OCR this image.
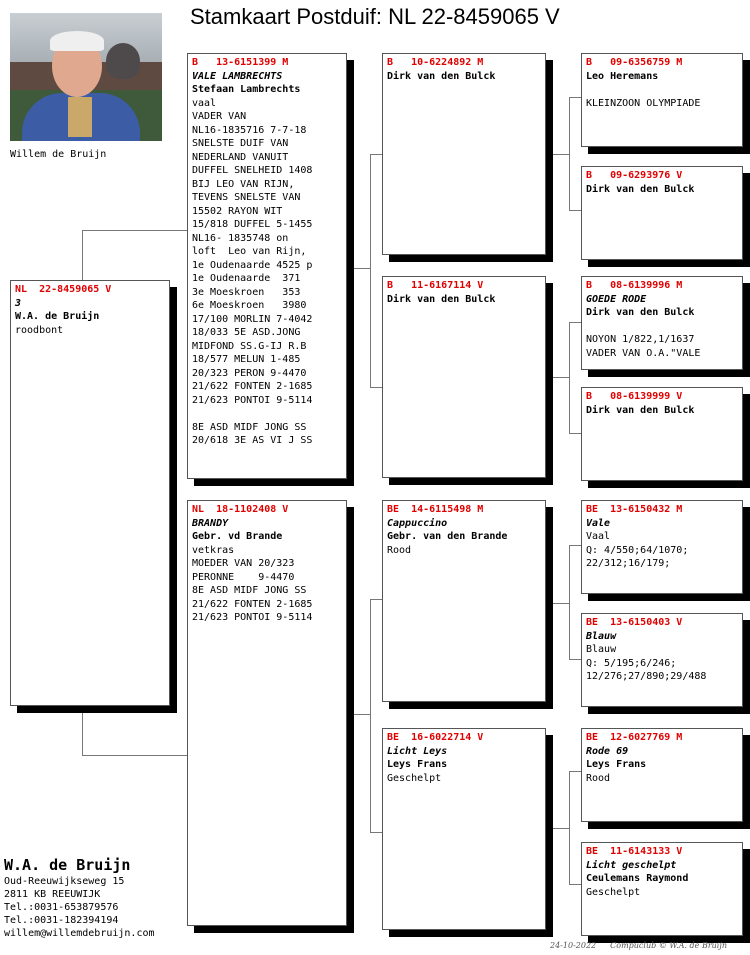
Stamkaart Postduif: NL 22-8459065 V
Willem de Bruijn
NL  22-8459065 V
3
W.A. de Bruijn
roodbont
B   13-6151399 M
VALE LAMBRECHTS
Stefaan Lambrechts
vaal
VADER VAN
NL16-1835716 7-7-18
SNELSTE DUIF VAN
NEDERLAND VANUIT
DUFFEL SNELHEID 1408
BIJ LEO VAN RIJN,
TEVENS SNELSTE VAN
15502 RAYON WIT
15/818 DUFFEL 5-1455
NL16- 1835748 on
loft  Leo van Rijn,
1e Oudenaarde 4525 p
1e Oudenaarde  371
3e Moeskroen   353
6e Moeskroen   3980
17/100 MORLIN 7-4042
18/033 5E ASD.JONG
MIDFOND SS.G-IJ R.B
18/577 MELUN 1-485
20/323 PERON 9-4470
21/622 FONTEN 2-1685
21/623 PONTOI 9-5114
8E ASD MIDF JONG SS
20/618 3E AS VI J SS
NL  18-1102408 V
BRANDY
Gebr. vd Brande
vetkras
MOEDER VAN 20/323
PERONNE    9-4470
8E ASD MIDF JONG SS
21/622 FONTEN 2-1685
21/623 PONTOI 9-5114
B   10-6224892 M
Dirk van den Bulck
B   11-6167114 V
Dirk van den Bulck
BE  14-6115498 M
Cappuccino
Gebr. van den Brande
Rood
BE  16-6022714 V
Licht Leys
Leys Frans
Geschelpt
B   09-6356759 M
Leo Heremans
KLEINZOON OLYMPIADE
B   09-6293976 V
Dirk van den Bulck
B   08-6139996 M
GOEDE RODE
Dirk van den Bulck
NOYON 1/822,1/1637
VADER VAN O.A."VALE
B   08-6139999 V
Dirk van den Bulck
BE  13-6150432 M
Vale
Vaal
Q: 4/550;64/1070;
22/312;16/179;
BE  13-6150403 V
Blauw
Blauw
Q: 5/195;6/246;
12/276;27/890;29/488
BE  12-6027769 M
Rode 69
Leys Frans
Rood
BE  11-6143133 V
Licht geschelpt
Ceulemans Raymond
Geschelpt
W.A. de Bruijn
Oud-Reeuwijkseweg 15
2811 KB REEUWIJK
Tel.:0031-653879576
Tel.:0031-182394194
willem@willemdebruijn.com
24-10-2022 Compuclub © W.A. de Bruijn
